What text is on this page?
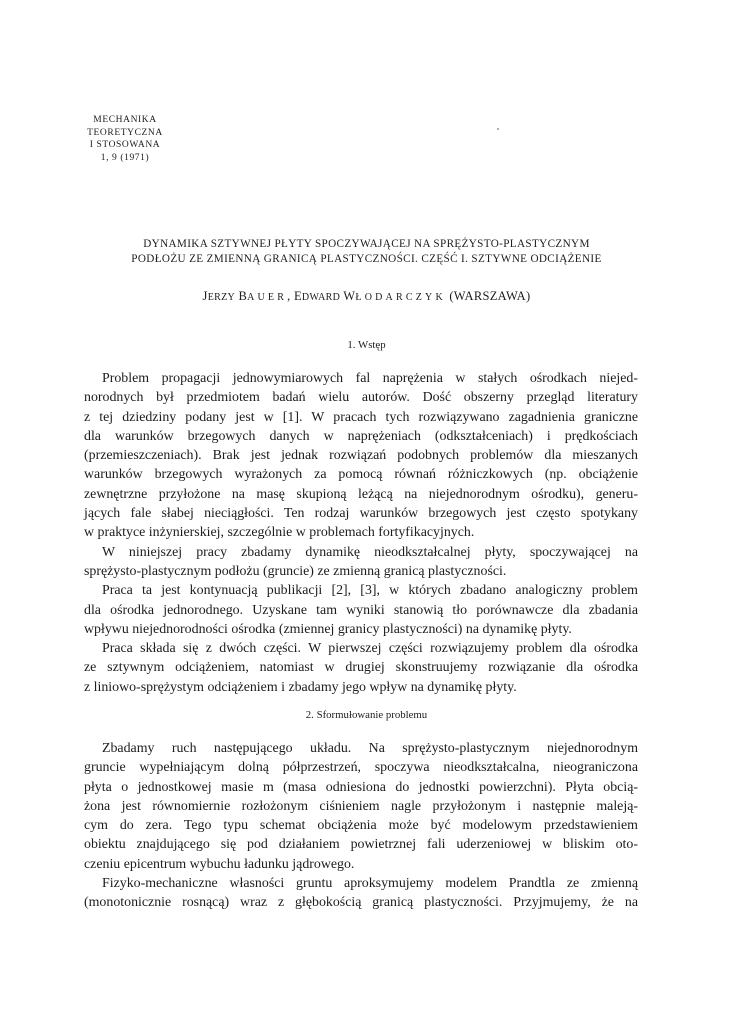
MECHANIKA
TEORETYCZNA
I STOSOWANA
1, 9 (1971)
DYNAMIKA SZTYWNEJ PŁYTY SPOCZYWAJĄCEJ NA SPRĘŻYSTO-PLASTYCZNYM
PODŁOŻU ZE ZMIENNĄ GRANICĄ PLASTYCZNOŚCI. CZĘŚĆ I. SZTYWNE ODCIĄŻENIE
JERZY BAUER, EDWARD WŁODARCZYK (WARSZAWA)
1. Wstęp

Problem propagacji jednowymiarowych fal naprężenia w stałych ośrodkach niejed-
norodnych był przedmiotem badań wielu autorów. Dość obszerny przegląd literatury
z tej dziedziny podany jest w [1]. W pracach tych rozwiązywano zagadnienia graniczne
dla warunków brzegowych danych w naprężeniach (odkształceniach) i prędkościach
(przemieszczeniach). Brak jest jednak rozwiązań podobnych problemów dla mieszanych
warunków brzegowych wyrażonych za pomocą równań różniczkowych (np. obciążenie
zewnętrzne przyłożone na masę skupioną leżącą na niejednorodnym ośrodku), generu-
jących fale słabej nieciągłości. Ten rodzaj warunków brzegowych jest często spotykany
w praktyce inżynierskiej, szczególnie w problemach fortyfikacyjnych.
W niniejszej pracy zbadamy dynamikę nieodkształcalnej płyty, spoczywającej na
sprężysto-plastycznym podłożu (gruncie) ze zmienną granicą plastyczności.
Praca ta jest kontynuacją publikacji [2], [3], w których zbadano analogiczny problem
dla ośrodka jednorodnego. Uzyskane tam wyniki stanowią tło porównawcze dla zbadania
wpływu niejednorodności ośrodka (zmiennej granicy plastyczności) na dynamikę płyty.
Praca składa się z dwóch części. W pierwszej części rozwiązujemy problem dla ośrodka
ze sztywnym odciążeniem, natomiast w drugiej skonstruujemy rozwiązanie dla ośrodka
z liniowo-sprężystym odciążeniem i zbadamy jego wpływ na dynamikę płyty.

2. Sformułowanie problemu

Zbadamy ruch następującego układu. Na sprężysto-plastycznym niejednorodnym
gruncie wypełniającym dolną półprzestrzeń, spoczywa nieodkształcalna, nieograniczona
płyta o jednostkowej masie m (masa odniesiona do jednostki powierzchni). Płyta obcią-
żona jest równomiernie rozłożonym ciśnieniem nagle przyłożonym i następnie maleją-
cym do zera. Tego typu schemat obciążenia może być modelowym przedstawieniem
obiektu znajdującego się pod działaniem powietrznej fali uderzeniowej w bliskim oto-
czeniu epicentrum wybuchu ładunku jądrowego.
Fizyko-mechaniczne własności gruntu aproksymujemy modelem Prandtla ze zmienną
(monotonicznie rosnącą) wraz z głębokością granicą plastyczności. Przyjmujemy, że na
